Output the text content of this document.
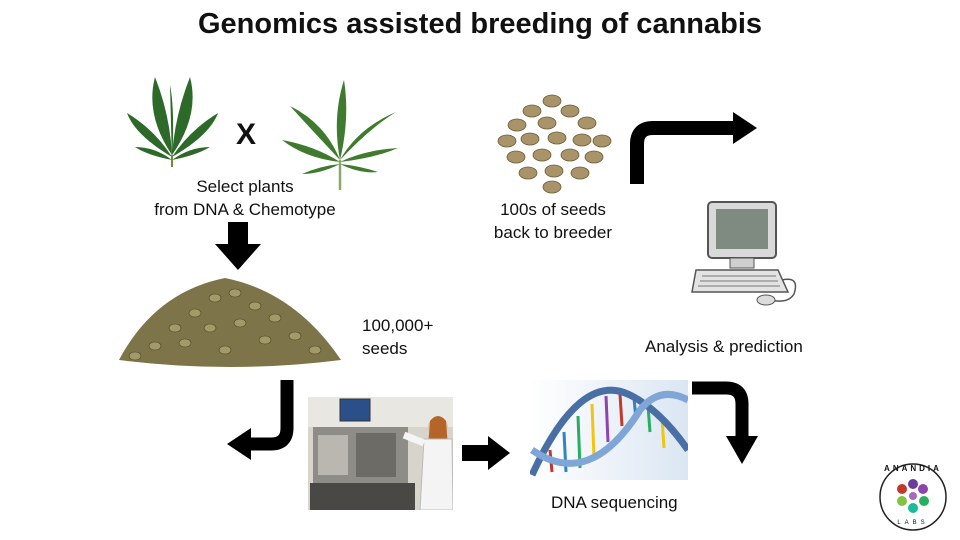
Genomics assisted breeding of cannabis
X
Select plants
from DNA & Chemotype	100s of seeds
back to breeder
100,000+
seeds	Analysis & prediction
DNA sequencing
ANANDIA
LABS
